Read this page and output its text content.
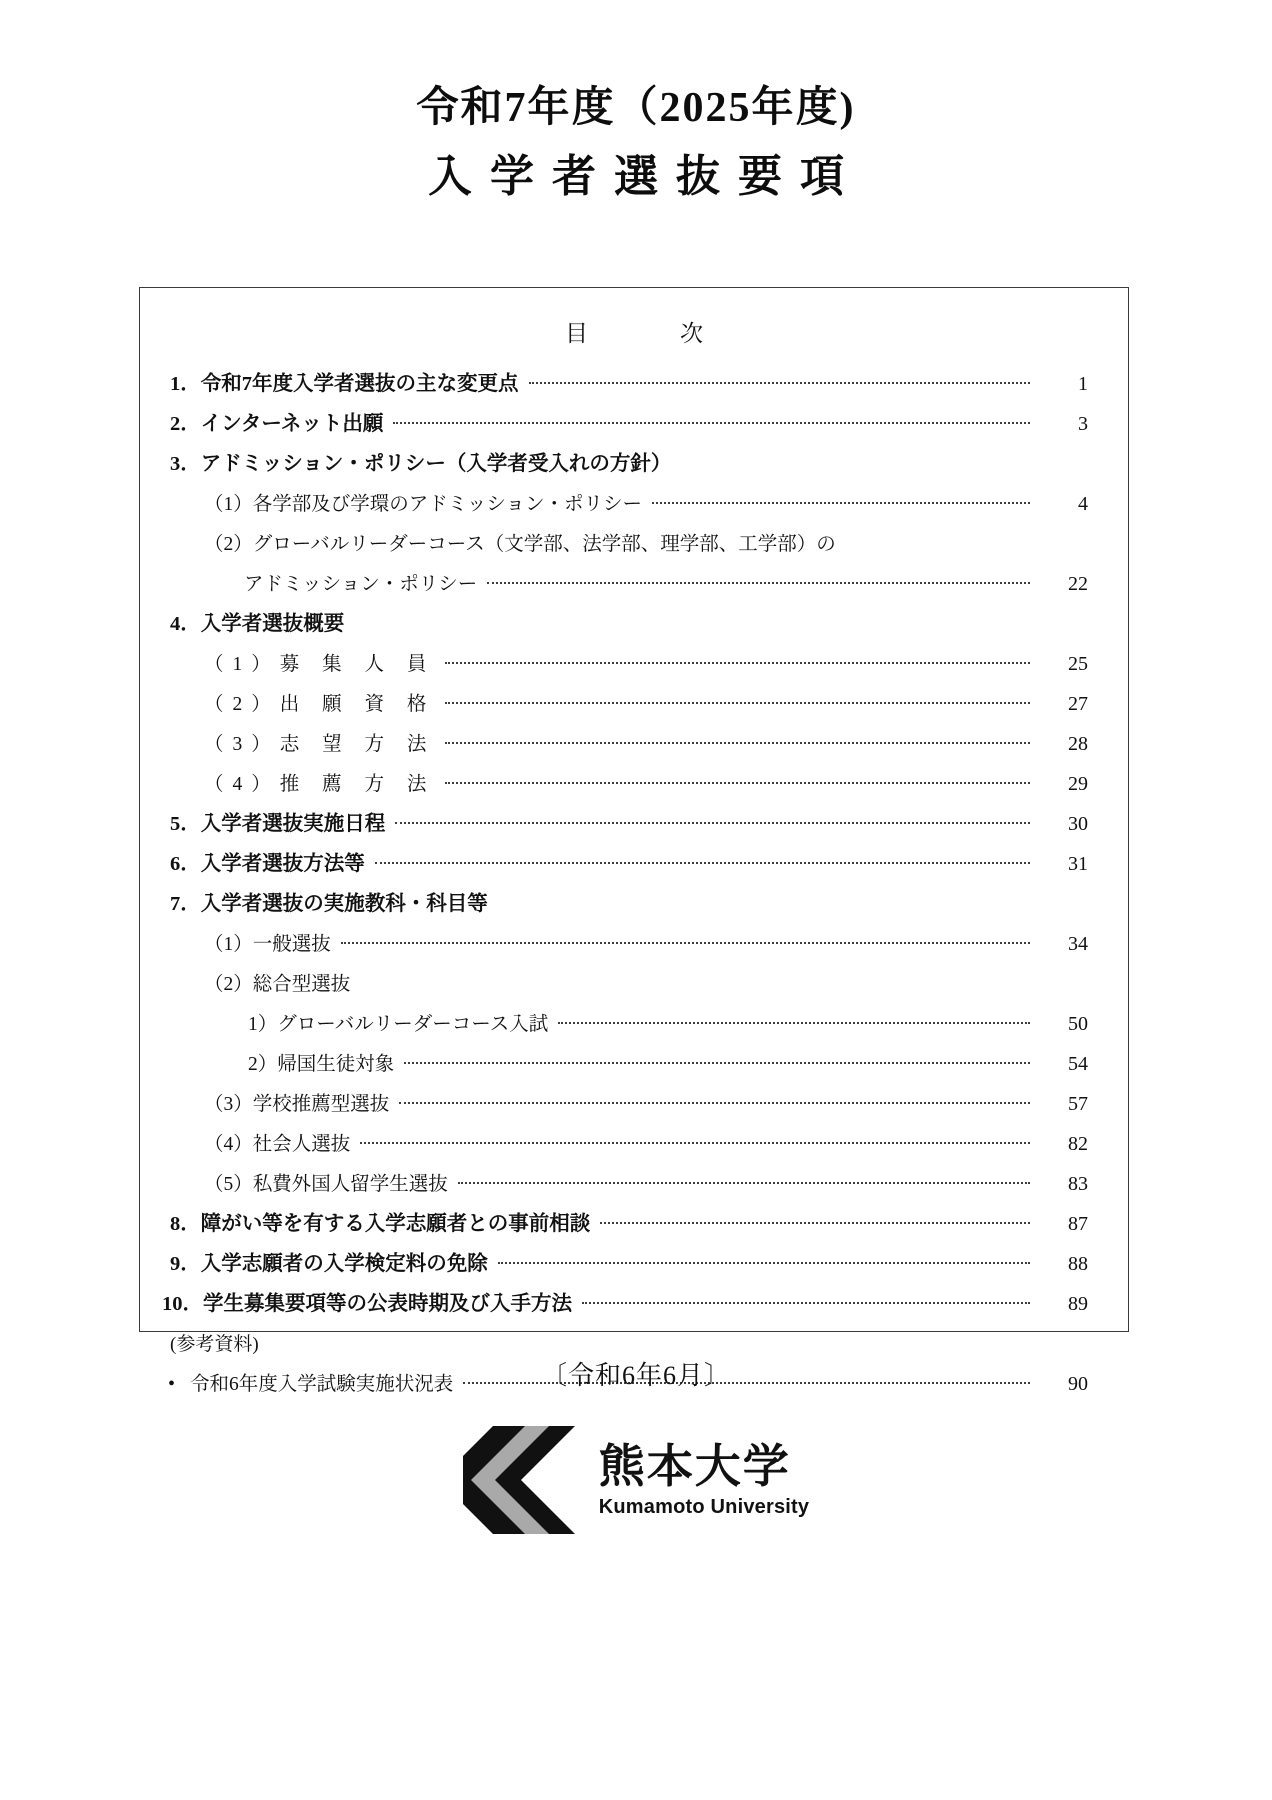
令和7年度（2025年度)
入学者選抜要項
目	次
1．令和7年度入学者選抜の主な変更点	1
2．インターネット出願	3
3．アドミッション・ポリシー（入学者受入れの方針）
（1）各学部及び学環のアドミッション・ポリシー	4
（2）グローバルリーダーコース（文学部、法学部、理学部、工学部）の
アドミッション・ポリシー	22
4．入学者選抜概要
（1）募 集 人 員	25
（2）出 願 資 格	27
（3）志 望 方 法	28
（4）推 薦 方 法	29
5．入学者選抜実施日程	30
6．入学者選抜方法等	31
7．入学者選抜の実施教科・科目等
（1）一般選抜	34
（2）総合型選抜
1）グローバルリーダーコース入試	50
2）帰国生徒対象	54
（3）学校推薦型選抜	57
（4）社会人選抜	82
（5）私費外国人留学生選抜	83
8．障がい等を有する入学志願者との事前相談	87
9．入学志願者の入学検定料の免除	88
10．学生募集要項等の公表時期及び入手方法	89
(参考資料)
• 令和6年度入学試験実施状況表	90
〔令和6年6月〕
熊本大学
Kumamoto University
